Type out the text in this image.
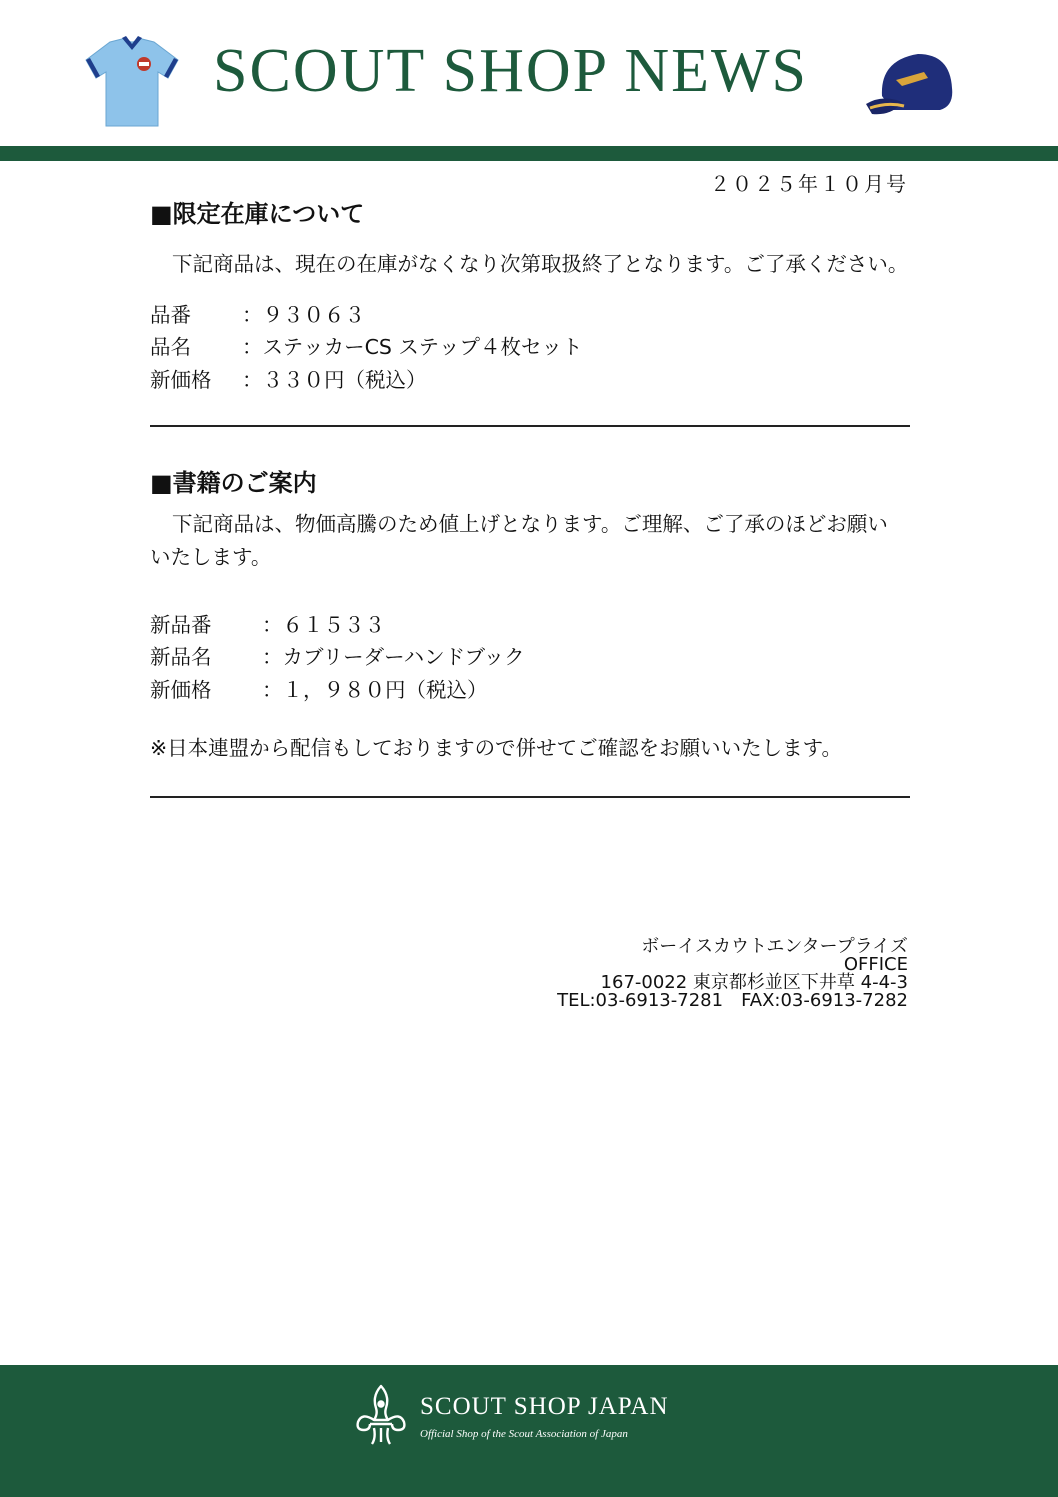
SCOUT SHOP NEWS
２０２５年１０月号
■限定在庫について
下記商品は、現在の在庫がなくなり次第取扱終了となります。ご了承ください。
品番 ：９３０６３
品名 ：ステッカーCS ステップ４枚セット
新価格 ：３３０円（税込）
■書籍のご案内
下記商品は、物価高騰のため値上げとなります。ご理解、ご了承のほどお願い
いたします。
新品番 ：６１５３３
新品名 ：カブリーダーハンドブック
新価格 ：１，９８０円（税込）
※日本連盟から配信もしておりますので併せてご確認をお願いいたします。
ボーイスカウトエンタープライズ
OFFICE
167-0022 東京都杉並区下井草 4-4-3
TEL:03-6913-7281　FAX:03-6913-7282
SCOUT SHOP JAPAN
Official Shop of the Scout Association of Japan
